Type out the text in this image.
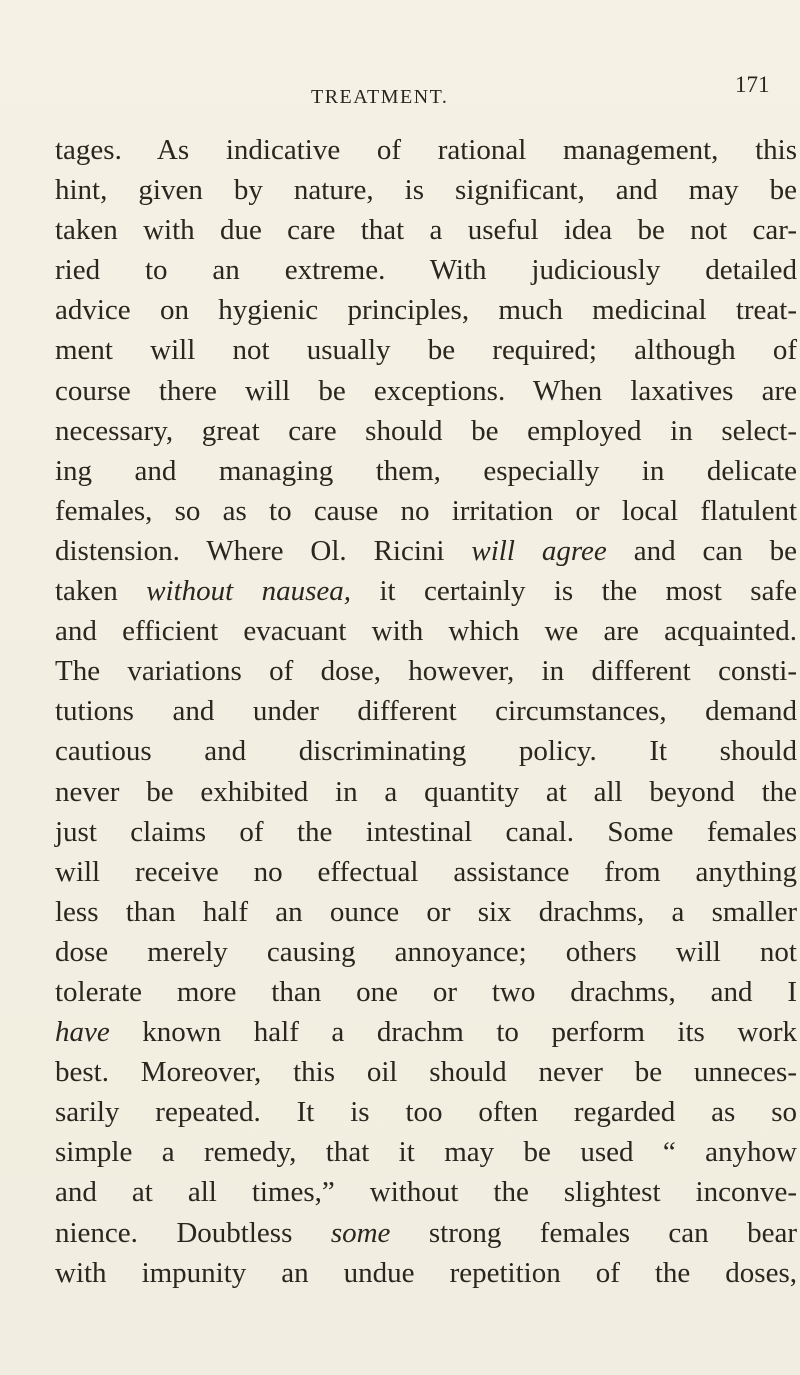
TREATMENT.	171
tages. As indicative of rational management, this
hint, given by nature, is significant, and may be
taken with due care that a useful idea be not car-
ried to an extreme. With judiciously detailed
advice on hygienic principles, much medicinal treat-
ment will not usually be required; although of
course there will be exceptions. When laxatives are
necessary, great care should be employed in select-
ing and managing them, especially in delicate
females, so as to cause no irritation or local flatulent
distension. Where Ol. Ricini will agree and can be
taken without nausea, it certainly is the most safe
and efficient evacuant with which we are acquainted.
The variations of dose, however, in different consti-
tutions and under different circumstances, demand
cautious and discriminating policy. It should
never be exhibited in a quantity at all beyond the
just claims of the intestinal canal. Some females
will receive no effectual assistance from anything
less than half an ounce or six drachms, a smaller
dose merely causing annoyance; others will not
tolerate more than one or two drachms, and I
have known half a drachm to perform its work
best. Moreover, this oil should never be unneces-
sarily repeated. It is too often regarded as so
simple a remedy, that it may be used “ anyhow
and at all times,” without the slightest inconve-
nience. Doubtless some strong females can bear
with impunity an undue repetition of the doses,
